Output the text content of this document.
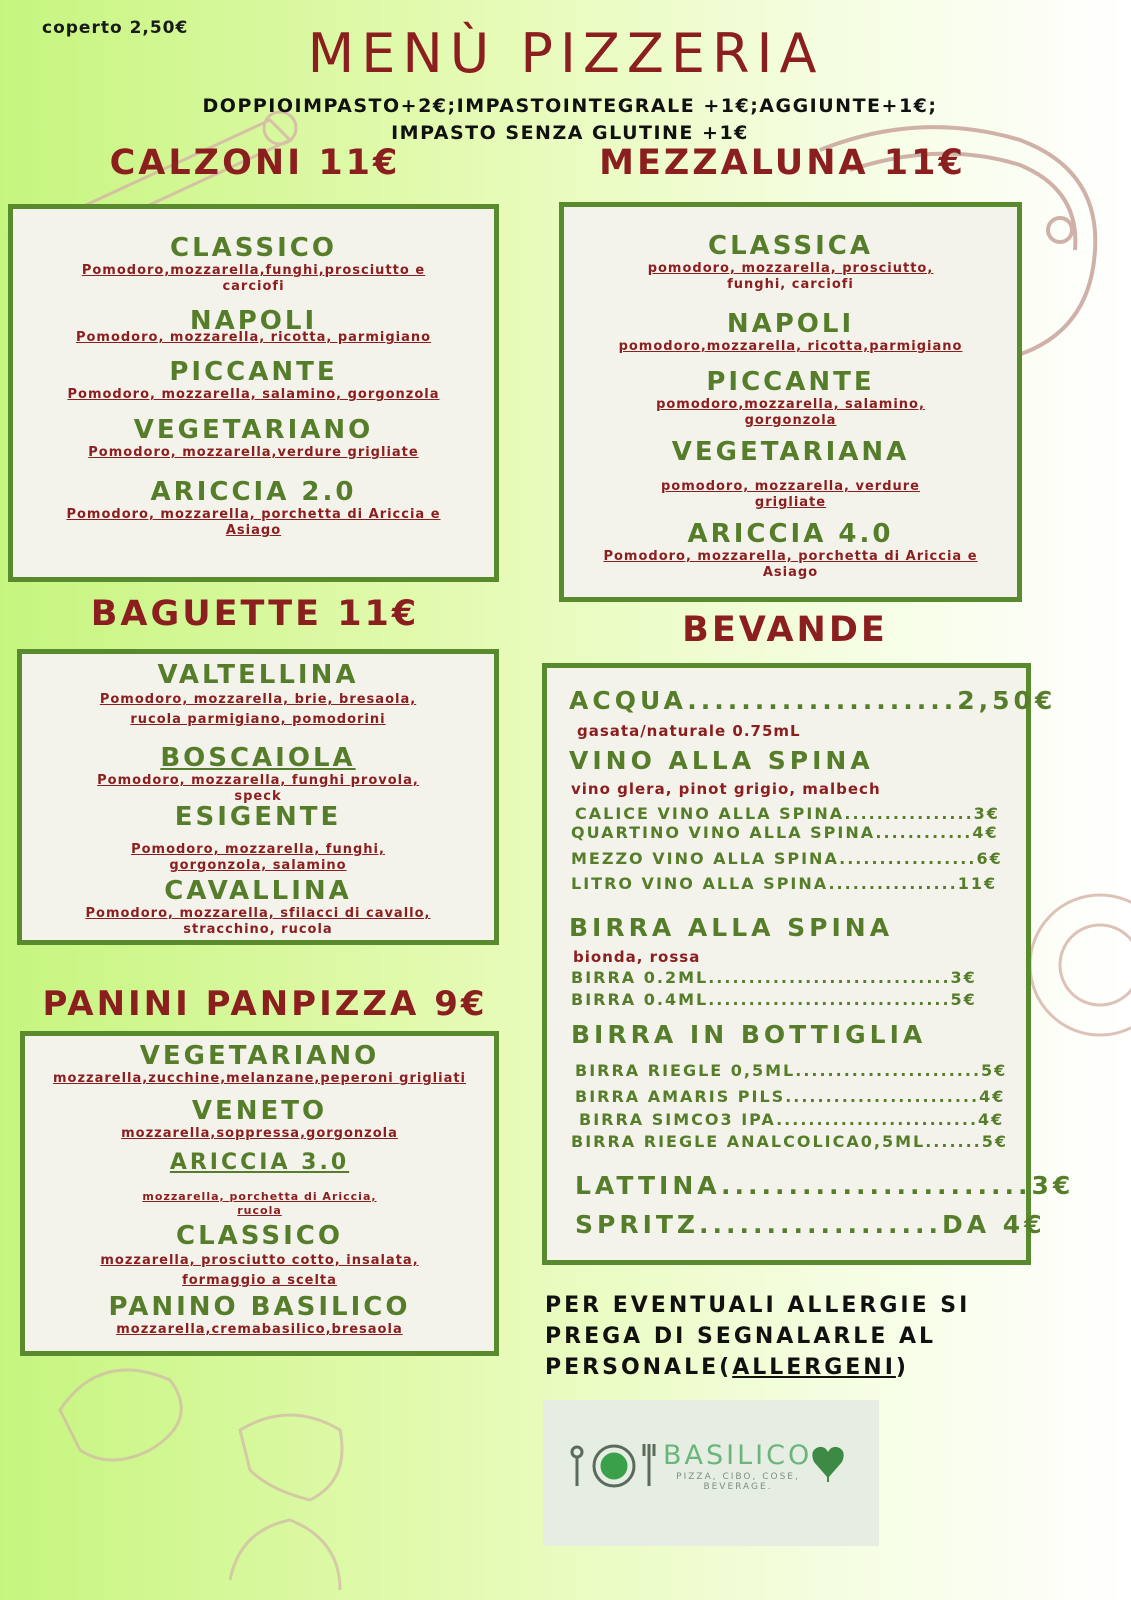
coperto 2,50€	MENÙ PIZZERIA
DOPPIOIMPASTO+2€;IMPASTOINTEGRALE +1€;AGGIUNTE+1€;
IMPASTO SENZA GLUTINE +1€
CALZONI 11€
CLASSICO
Pomodoro,mozzarella,funghi,prosciutto e
carciofi
NAPOLI
Pomodoro, mozzarella, ricotta, parmigiano
PICCANTE
Pomodoro, mozzarella, salamino, gorgonzola
VEGETARIANO
Pomodoro, mozzarella,verdure grigliate
ARICCIA 2.0
Pomodoro, mozzarella, porchetta di Ariccia e
Asiago
MEZZALUNA 11€
CLASSICA
pomodoro, mozzarella, prosciutto,
funghi, carciofi
NAPOLI
pomodoro,mozzarella, ricotta,parmigiano
PICCANTE
pomodoro,mozzarella, salamino,
gorgonzola
VEGETARIANA
pomodoro, mozzarella, verdure
grigliate
ARICCIA 4.0
Pomodoro, mozzarella, porchetta di Ariccia e
Asiago
BAGUETTE 11€
VALTELLINA
Pomodoro, mozzarella, brie, bresaola,
rucola parmigiano, pomodorini
BOSCAIOLA
Pomodoro, mozzarella, funghi provola,
speck
ESIGENTE
Pomodoro, mozzarella, funghi,
gorgonzola, salamino
CAVALLINA
Pomodoro, mozzarella, sfilacci di cavallo,
stracchino, rucola
PANINI PANPIZZA 9€
VEGETARIANO
mozzarella,zucchine,melanzane,peperoni grigliati
VENETO
mozzarella,soppressa,gorgonzola
ARICCIA 3.0
mozzarella, porchetta di Ariccia,
rucola
CLASSICO
mozzarella, prosciutto cotto, insalata,
formaggio a scelta
PANINO BASILICO
mozzarella,cremabasilico,bresaola
BEVANDE
ACQUA....................2,50€
gasata/naturale 0.75mL
VINO ALLA SPINA
vino glera, pinot grigio, malbech
CALICE VINO ALLA SPINA................3€
QUARTINO VINO ALLA SPINA............4€
MEZZO VINO ALLA SPINA.................6€
LITRO VINO ALLA SPINA................11€
BIRRA ALLA SPINA
bionda, rossa
BIRRA 0.2ML..............................3€
BIRRA 0.4ML..............................5€
BIRRA IN BOTTIGLIA
BIRRA RIEGLE 0,5ML.......................5€
BIRRA AMARIS PILS........................4€
BIRRA SIMCO3 IPA.........................4€
BIRRA RIEGLE ANALCOLICA0,5ML.......5€
LATTINA.......................3€
SPRITZ..................DA 4€
PER EVENTUALI ALLERGIE SI PREGA DI SEGNALARLE AL PERSONALE(ALLERGENI)
BASILICO
PIZZA, CIBO, COSE,
BEVERAGE.
